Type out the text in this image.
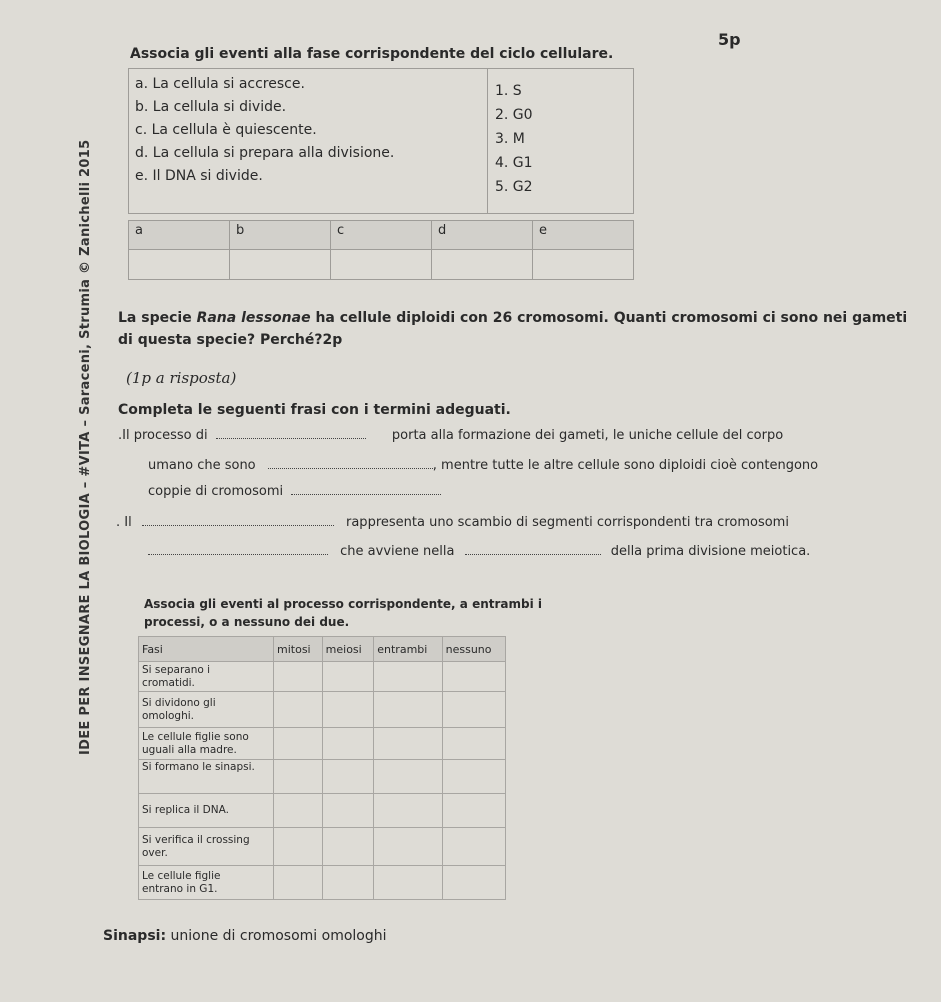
IDEE PER INSEGNARE LA BIOLOGIA – #VITA – Saraceni, Strumia © Zanichelli 2015
5p
Associa gli eventi alla fase corrispondente del ciclo cellulare.
a. La cellula si accresce.
b. La cellula si divide.
c. La cellula è quiescente.
d. La cellula si prepara alla divisione.
e. Il DNA si divide.
1. S
2. G0
3. M
4. G1
5. G2
a	b	c	d	e

La specie Rana lessonae ha cellule diploidi con 26 cromosomi. Quanti cromosomi ci sono nei gameti di questa specie? Perché?2p
(1p a risposta)
Completa le seguenti frasi con i termini adeguati.
.Il processo di	porta alla formazione dei gameti, le uniche cellule del corpo
umano che sono	, mentre tutte le altre cellule sono diploidi cioè contengono
coppie di cromosomi
. Il	rappresenta uno scambio di segmenti corrispondenti tra cromosomi
che avviene nella	della prima divisione meiotica.
Associa gli eventi al processo corrispondente, a entrambi i
processi, o a nessuno dei due.
Fasi	mitosi	meiosi	entrambi	nessuno

Si separano i
cromatidi.				

Si dividono gli
omologhi.				

Le cellule figlie sono
uguali alla madre.				

Si formano le sinapsi.				

Si replica il DNA.				

Si verifica il crossing
over.				

Le cellule figlie
entrano in G1.				

Sinapsi: unione di cromosomi omologhi
